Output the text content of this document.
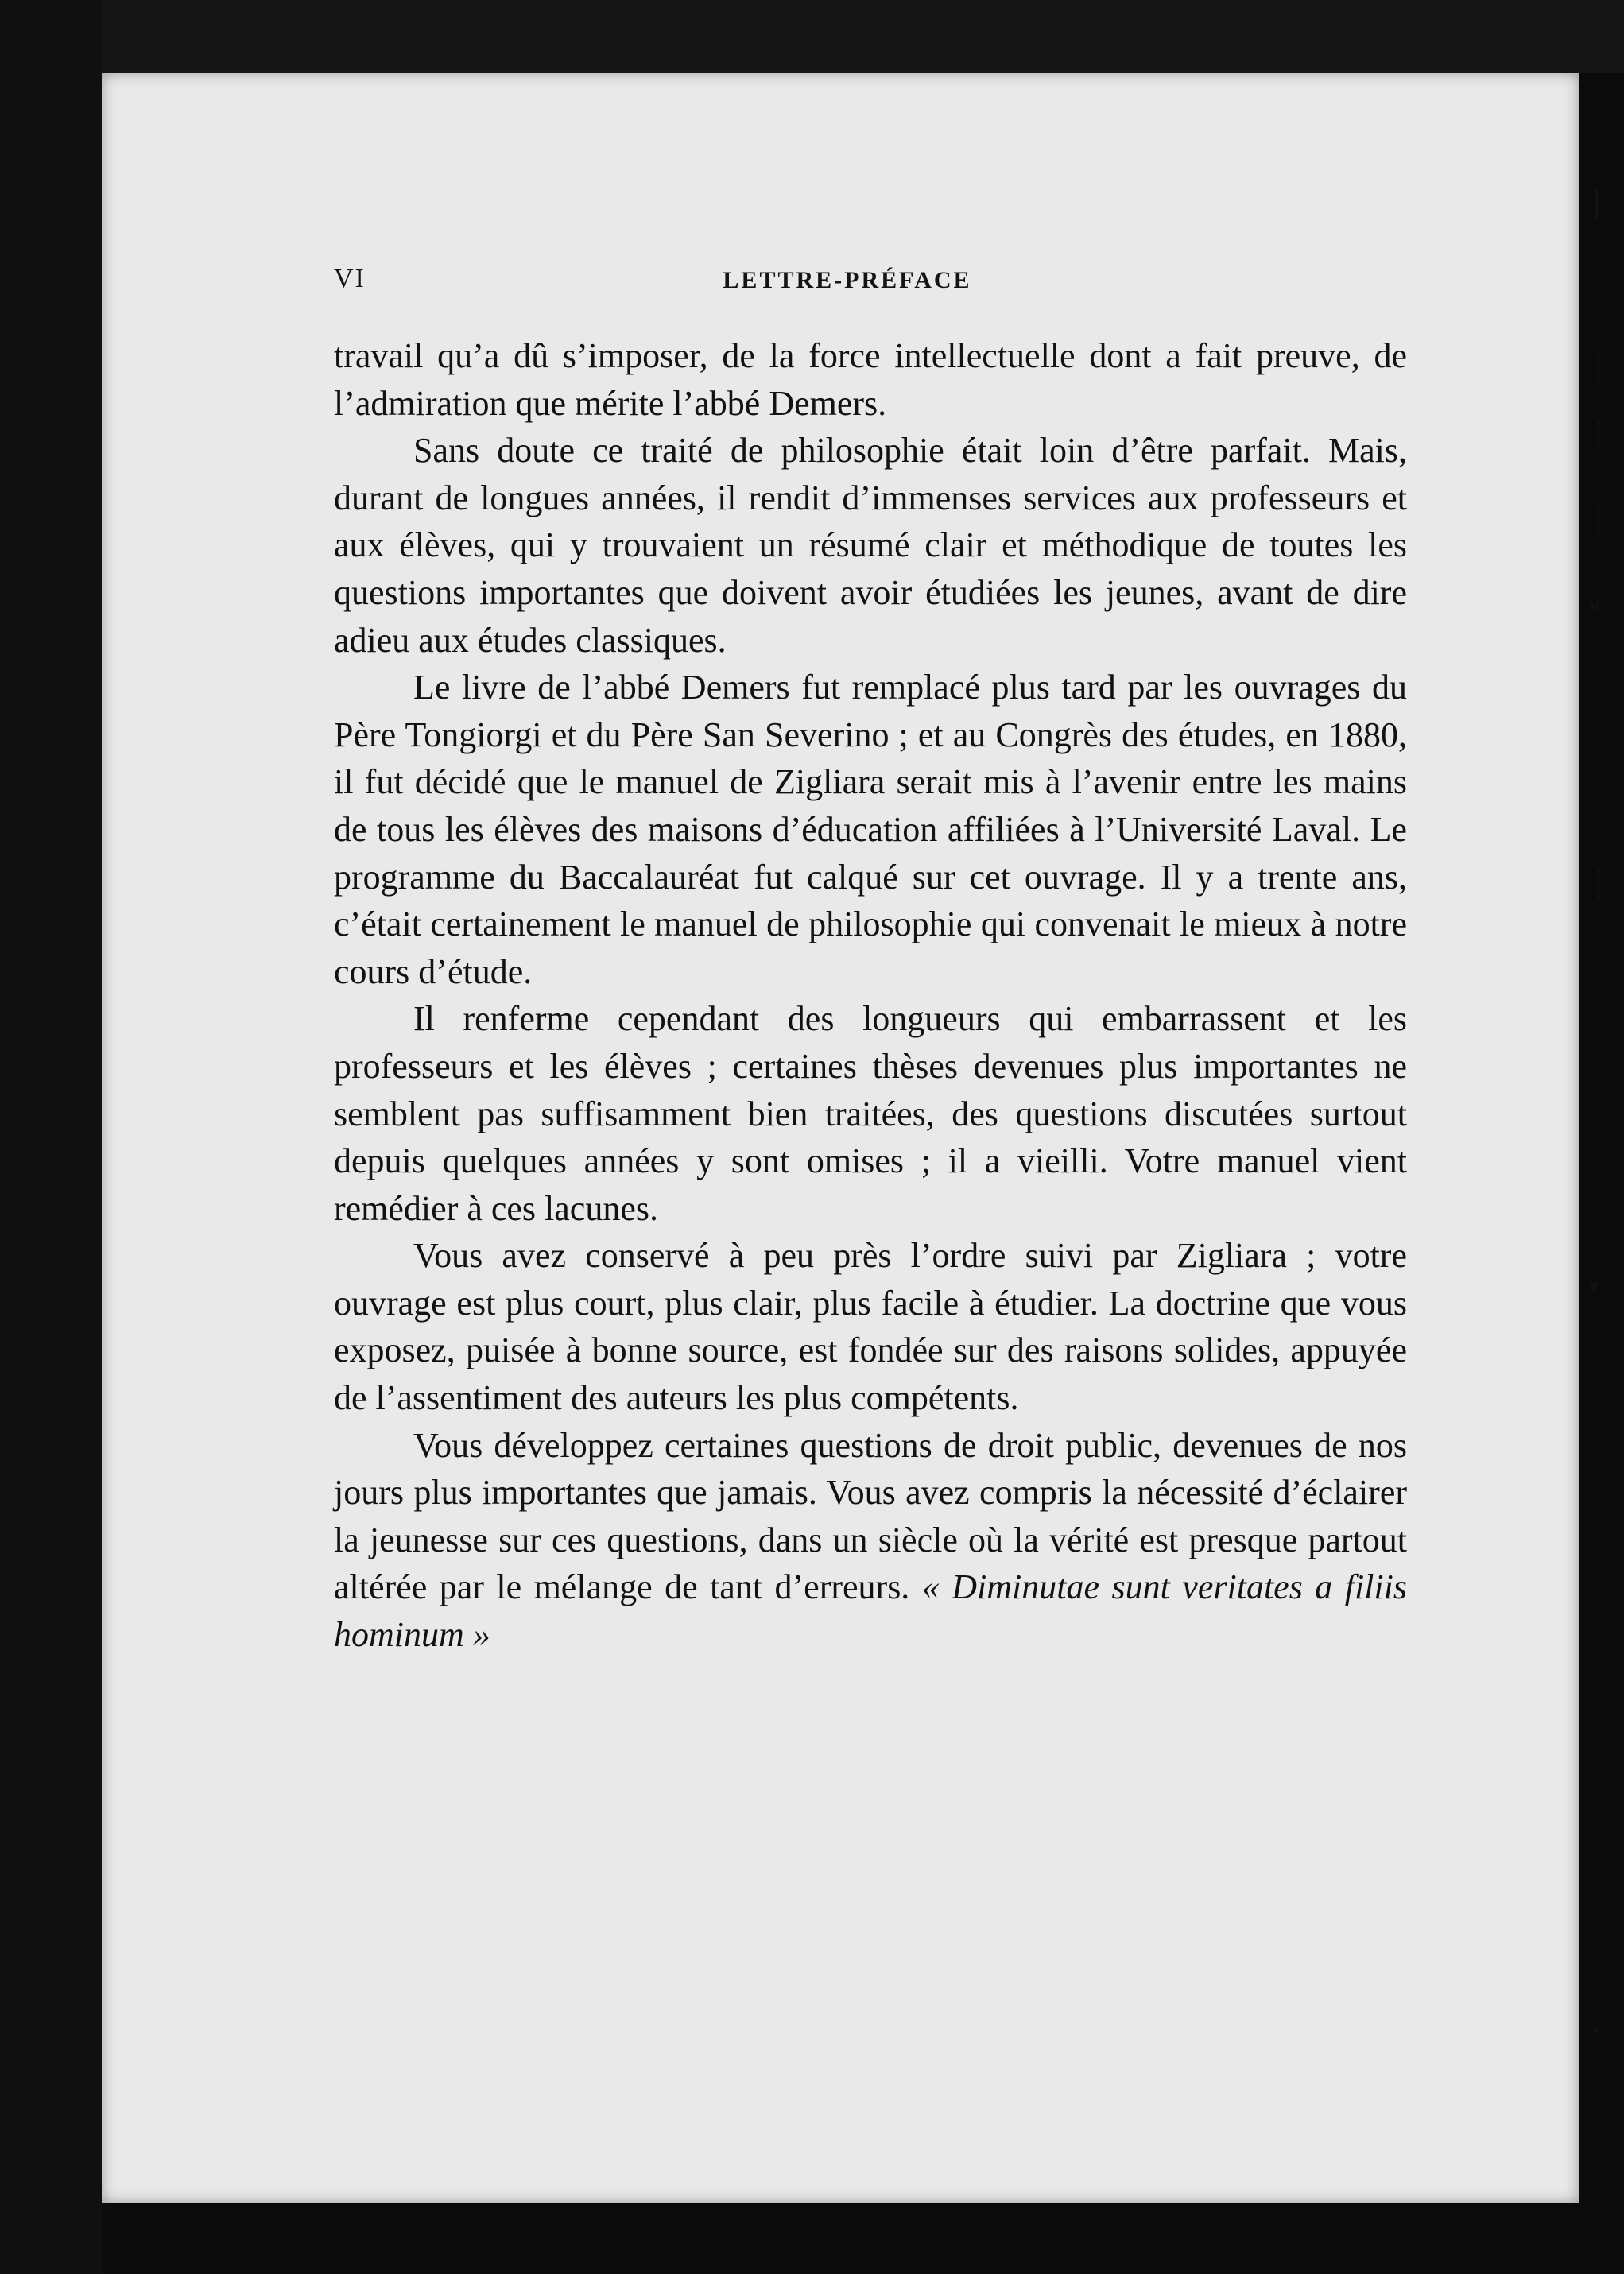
VI	LETTRE-PRÉFACE

travail qu’a dû s’imposer, de la force intellectuelle dont a fait preuve, de l’admiration que mérite l’abbé Demers.

Sans doute ce traité de philosophie était loin d’être parfait. Mais, durant de longues années, il rendit d’immenses services aux professeurs et aux élèves, qui y trouvaient un résumé clair et méthodique de toutes les questions importantes que doivent avoir étudiées les jeunes, avant de dire adieu aux études classiques.

Le livre de l’abbé Demers fut remplacé plus tard par les ouvrages du Père Tongiorgi et du Père San Severino ; et au Congrès des études, en 1880, il fut décidé que le manuel de Zigliara serait mis à l’avenir entre les mains de tous les élèves des maisons d’éducation affiliées à l’Université Laval. Le programme du Baccalauréat fut calqué sur cet ouvrage. Il y a trente ans, c’était certainement le manuel de philosophie qui convenait le mieux à notre cours d’étude.

Il renferme cependant des longueurs qui embarrassent et les professeurs et les élèves ; certaines thèses devenues plus importantes ne semblent pas suffisamment bien traitées, des questions discutées surtout depuis quelques années y sont omises ; il a vieilli. Votre manuel vient remédier à ces lacunes.

Vous avez conservé à peu près l’ordre suivi par Zigliara ; votre ouvrage est plus court, plus clair, plus facile à étudier. La doctrine que vous exposez, puisée à bonne source, est fondée sur des raisons solides, appuyée de l’assentiment des auteurs les plus compétents.

Vous développez certaines questions de droit public, devenues de nos jours plus importantes que jamais. Vous avez compris la nécessité d’éclairer la jeunesse sur ces questions, dans un siècle où la vérité est presque partout altérée par le mélange de tant d’erreurs. « Diminutae sunt veritates a filiis hominum »

|
|
|
|
v
|
▾
•
